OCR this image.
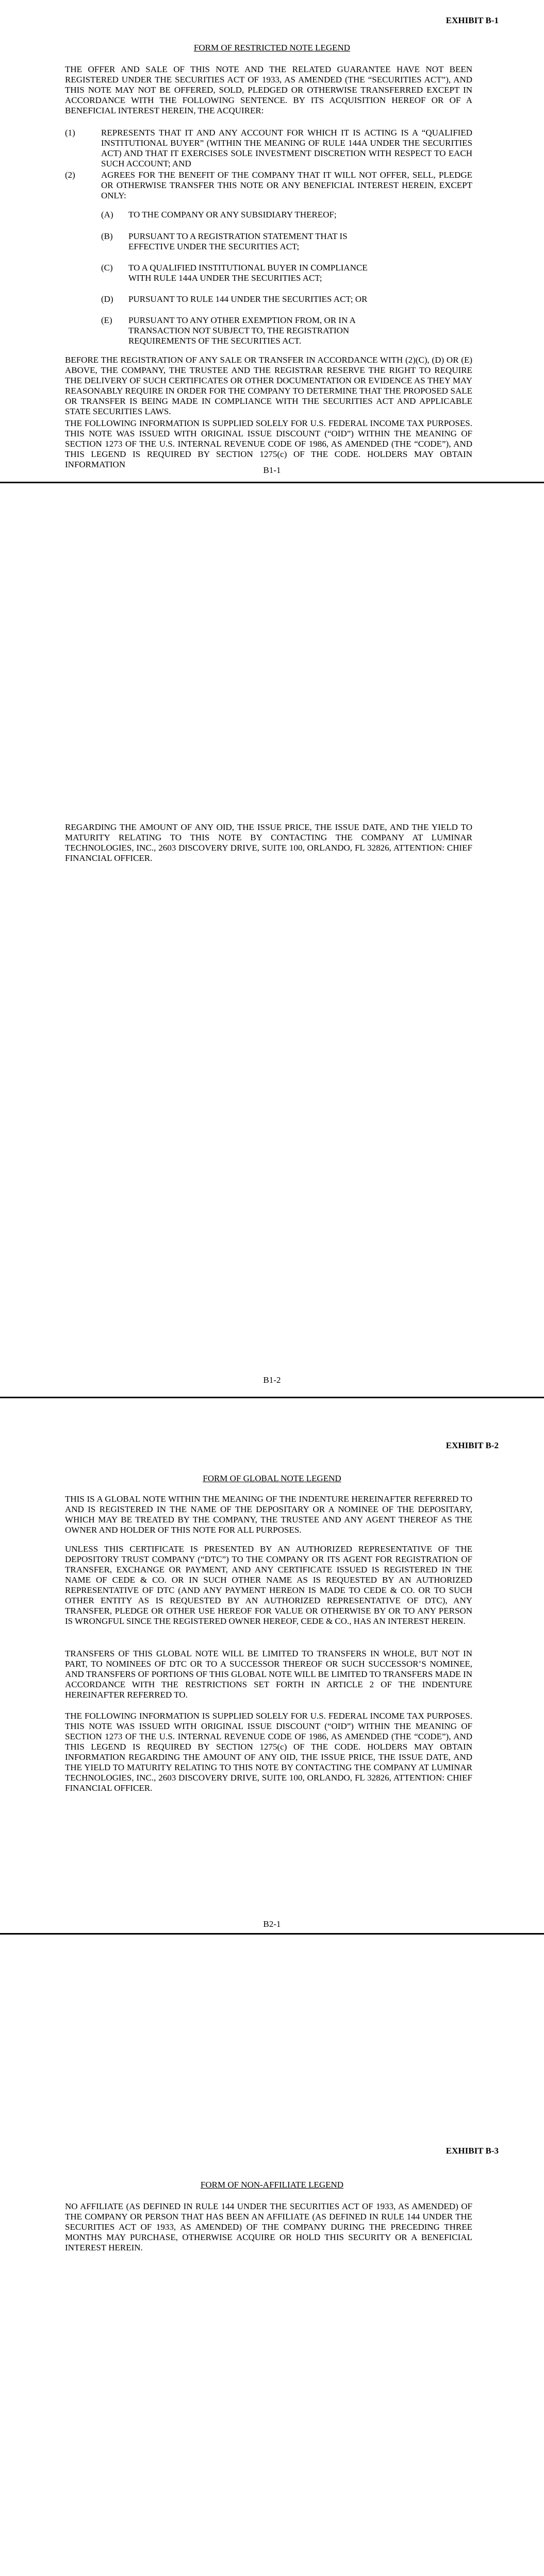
EXHIBIT B-1

FORM OF RESTRICTED NOTE LEGEND

THE OFFER AND SALE OF THIS NOTE AND THE RELATED GUARANTEE HAVE NOT BEEN REGISTERED UNDER THE SECURITIES ACT OF 1933, AS AMENDED (THE “SECURITIES ACT”), AND THIS NOTE MAY NOT BE OFFERED, SOLD, PLEDGED OR OTHERWISE TRANSFERRED EXCEPT IN ACCORDANCE WITH THE FOLLOWING SENTENCE. BY ITS ACQUISITION HEREOF OR OF A BENEFICIAL INTEREST HEREIN, THE ACQUIRER:

(1)	REPRESENTS THAT IT AND ANY ACCOUNT FOR WHICH IT IS ACTING IS A “QUALIFIED INSTITUTIONAL BUYER” (WITHIN THE MEANING OF RULE 144A UNDER THE SECURITIES ACT) AND THAT IT EXERCISES SOLE INVESTMENT DISCRETION WITH RESPECT TO EACH SUCH ACCOUNT; AND
(2)	AGREES FOR THE BENEFIT OF THE COMPANY THAT IT WILL NOT OFFER, SELL, PLEDGE OR OTHERWISE TRANSFER THIS NOTE OR ANY BENEFICIAL INTEREST HEREIN, EXCEPT ONLY:
(A) TO THE COMPANY OR ANY SUBSIDIARY THEREOF;
(B) PURSUANT TO A REGISTRATION STATEMENT THAT IS EFFECTIVE UNDER THE SECURITIES ACT;
(C) TO A QUALIFIED INSTITUTIONAL BUYER IN COMPLIANCE WITH RULE 144A UNDER THE SECURITIES ACT;
(D) PURSUANT TO RULE 144 UNDER THE SECURITIES ACT; OR
(E) PURSUANT TO ANY OTHER EXEMPTION FROM, OR IN A TRANSACTION NOT SUBJECT TO, THE REGISTRATION REQUIREMENTS OF THE SECURITIES ACT.

BEFORE THE REGISTRATION OF ANY SALE OR TRANSFER IN ACCORDANCE WITH (2)(C), (D) OR (E) ABOVE, THE COMPANY, THE TRUSTEE AND THE REGISTRAR RESERVE THE RIGHT TO REQUIRE THE DELIVERY OF SUCH CERTIFICATES OR OTHER DOCUMENTATION OR EVIDENCE AS THEY MAY REASONABLY REQUIRE IN ORDER FOR THE COMPANY TO DETERMINE THAT THE PROPOSED SALE OR TRANSFER IS BEING MADE IN COMPLIANCE WITH THE SECURITIES ACT AND APPLICABLE STATE SECURITIES LAWS.

THE FOLLOWING INFORMATION IS SUPPLIED SOLELY FOR U.S. FEDERAL INCOME TAX PURPOSES. THIS NOTE WAS ISSUED WITH ORIGINAL ISSUE DISCOUNT (“OID”) WITHIN THE MEANING OF SECTION 1273 OF THE U.S. INTERNAL REVENUE CODE OF 1986, AS AMENDED (THE “CODE”), AND THIS LEGEND IS REQUIRED BY SECTION 1275(c) OF THE CODE. HOLDERS MAY OBTAIN INFORMATION

B1-1

REGARDING THE AMOUNT OF ANY OID, THE ISSUE PRICE, THE ISSUE DATE, AND THE YIELD TO MATURITY RELATING TO THIS NOTE BY CONTACTING THE COMPANY AT LUMINAR TECHNOLOGIES, INC., 2603 DISCOVERY DRIVE, SUITE 100, ORLANDO, FL 32826, ATTENTION: CHIEF FINANCIAL OFFICER.

B1-2

EXHIBIT B-2

FORM OF GLOBAL NOTE LEGEND

THIS IS A GLOBAL NOTE WITHIN THE MEANING OF THE INDENTURE HEREINAFTER REFERRED TO AND IS REGISTERED IN THE NAME OF THE DEPOSITARY OR A NOMINEE OF THE DEPOSITARY, WHICH MAY BE TREATED BY THE COMPANY, THE TRUSTEE AND ANY AGENT THEREOF AS THE OWNER AND HOLDER OF THIS NOTE FOR ALL PURPOSES.

UNLESS THIS CERTIFICATE IS PRESENTED BY AN AUTHORIZED REPRESENTATIVE OF THE DEPOSITORY TRUST COMPANY (“DTC”) TO THE COMPANY OR ITS AGENT FOR REGISTRATION OF TRANSFER, EXCHANGE OR PAYMENT, AND ANY CERTIFICATE ISSUED IS REGISTERED IN THE NAME OF CEDE & CO. OR IN SUCH OTHER NAME AS IS REQUESTED BY AN AUTHORIZED REPRESENTATIVE OF DTC (AND ANY PAYMENT HEREON IS MADE TO CEDE & CO. OR TO SUCH OTHER ENTITY AS IS REQUESTED BY AN AUTHORIZED REPRESENTATIVE OF DTC), ANY TRANSFER, PLEDGE OR OTHER USE HEREOF FOR VALUE OR OTHERWISE BY OR TO ANY PERSON IS WRONGFUL SINCE THE REGISTERED OWNER HEREOF, CEDE & CO., HAS AN INTEREST HEREIN.

TRANSFERS OF THIS GLOBAL NOTE WILL BE LIMITED TO TRANSFERS IN WHOLE, BUT NOT IN PART, TO NOMINEES OF DTC OR TO A SUCCESSOR THEREOF OR SUCH SUCCESSOR’S NOMINEE, AND TRANSFERS OF PORTIONS OF THIS GLOBAL NOTE WILL BE LIMITED TO TRANSFERS MADE IN ACCORDANCE WITH THE RESTRICTIONS SET FORTH IN ARTICLE 2 OF THE INDENTURE HEREINAFTER REFERRED TO.

THE FOLLOWING INFORMATION IS SUPPLIED SOLELY FOR U.S. FEDERAL INCOME TAX PURPOSES. THIS NOTE WAS ISSUED WITH ORIGINAL ISSUE DISCOUNT (“OID”) WITHIN THE MEANING OF SECTION 1273 OF THE U.S. INTERNAL REVENUE CODE OF 1986, AS AMENDED (THE “CODE”), AND THIS LEGEND IS REQUIRED BY SECTION 1275(c) OF THE CODE. HOLDERS MAY OBTAIN INFORMATION REGARDING THE AMOUNT OF ANY OID, THE ISSUE PRICE, THE ISSUE DATE, AND THE YIELD TO MATURITY RELATING TO THIS NOTE BY CONTACTING THE COMPANY AT LUMINAR TECHNOLOGIES, INC., 2603 DISCOVERY DRIVE, SUITE 100, ORLANDO, FL 32826, ATTENTION: CHIEF FINANCIAL OFFICER.

B2-1

EXHIBIT B-3

FORM OF NON-AFFILIATE LEGEND

NO AFFILIATE (AS DEFINED IN RULE 144 UNDER THE SECURITIES ACT OF 1933, AS AMENDED) OF THE COMPANY OR PERSON THAT HAS BEEN AN AFFILIATE (AS DEFINED IN RULE 144 UNDER THE SECURITIES ACT OF 1933, AS AMENDED) OF THE COMPANY DURING THE PRECEDING THREE MONTHS MAY PURCHASE, OTHERWISE ACQUIRE OR HOLD THIS SECURITY OR A BENEFICIAL INTEREST HEREIN.
